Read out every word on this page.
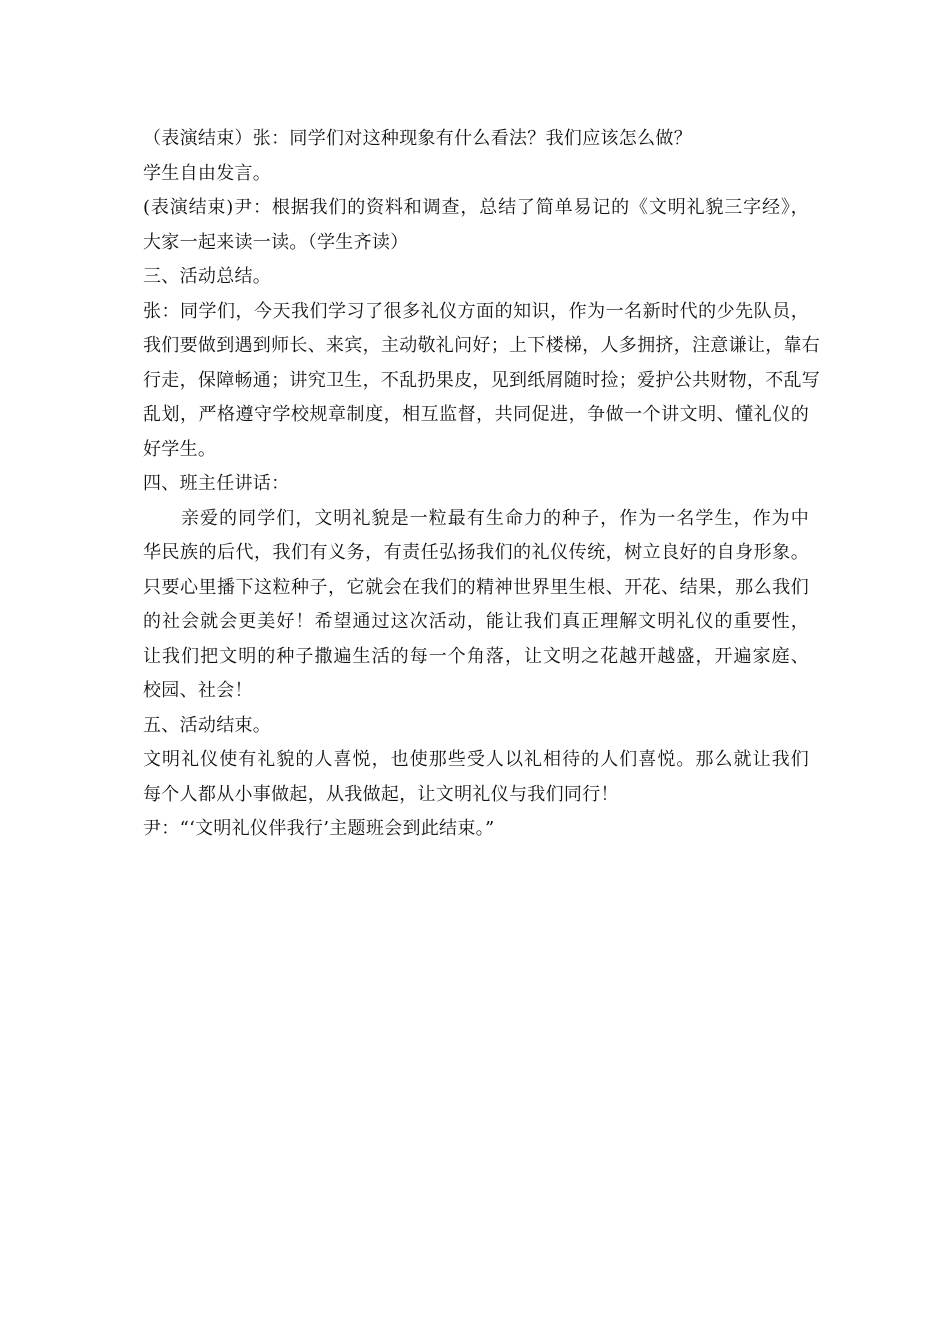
（表演结束）张：同学们对这种现象有什么看法？我们应该怎么做？
学生自由发言。
(表演结束)尹：根据我们的资料和调查，总结了简单易记的《文明礼貌三字经》，
大家一起来读一读。（学生齐读）
三、活动总结。
张：同学们，今天我们学习了很多礼仪方面的知识，作为一名新时代的少先队员，
我们要做到遇到师长、来宾，主动敬礼问好；上下楼梯，人多拥挤，注意谦让，靠右
行走，保障畅通；讲究卫生，不乱扔果皮，见到纸屑随时捡；爱护公共财物，不乱写
乱划，严格遵守学校规章制度，相互监督，共同促进，争做一个讲文明、懂礼仪的
好学生。
四、班主任讲话：
亲爱的同学们，文明礼貌是一粒最有生命力的种子，作为一名学生，作为中
华民族的后代，我们有义务，有责任弘扬我们的礼仪传统，树立良好的自身形象。
只要心里播下这粒种子，它就会在我们的精神世界里生根、开花、结果，那么我们
的社会就会更美好！希望通过这次活动，能让我们真正理解文明礼仪的重要性，
让我们把文明的种子撒遍生活的每一个角落，让文明之花越开越盛，开遍家庭、
校园、社会！
五、活动结束。
文明礼仪使有礼貌的人喜悦，也使那些受人以礼相待的人们喜悦。那么就让我们
每个人都从小事做起，从我做起，让文明礼仪与我们同行！
尹：“‘文明礼仪伴我行’主题班会到此结束。”
